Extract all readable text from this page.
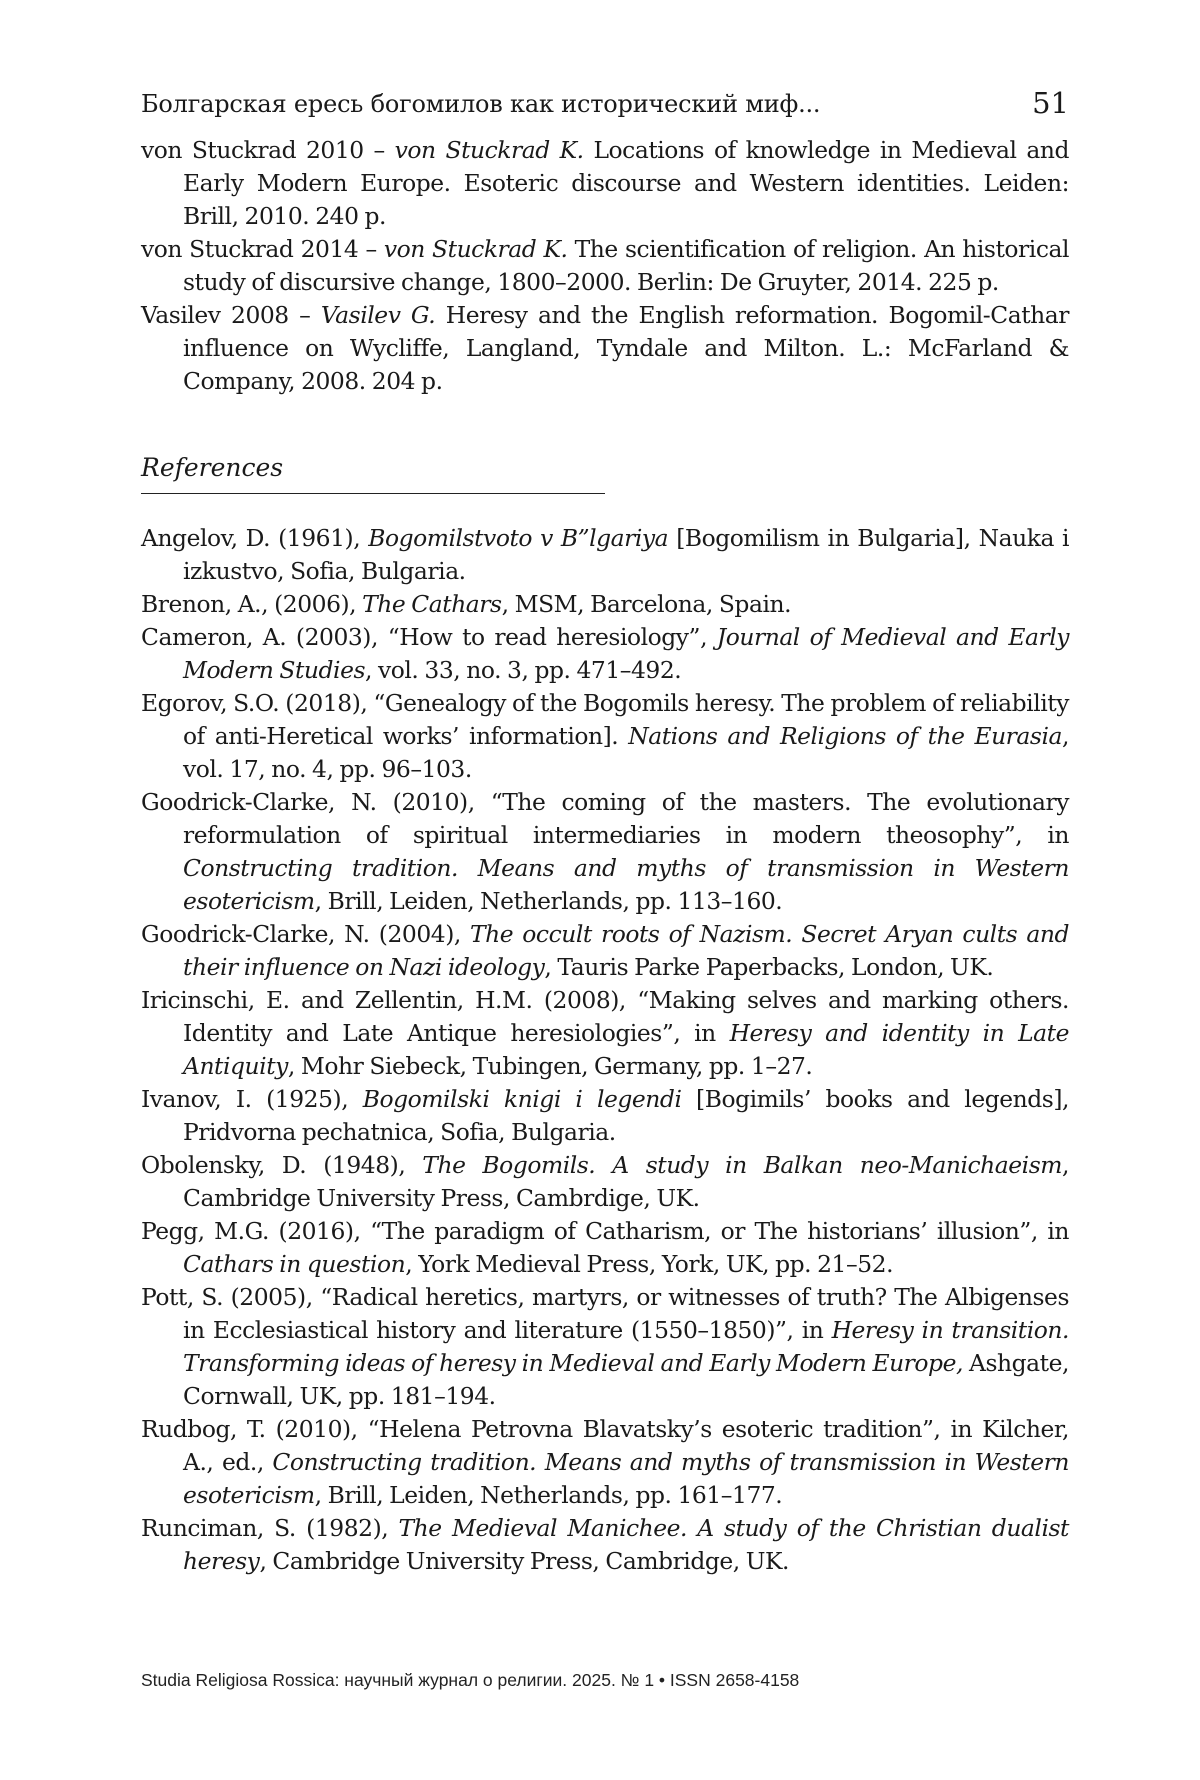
Болгарская ересь богомилов как исторический миф...	51

von Stuckrad 2010 – von Stuckrad K. Locations of knowledge in Medieval and Early Modern Europe. Esoteric discourse and Western identities. Leiden: Brill, 2010. 240 p.

von Stuckrad 2014 – von Stuckrad K. The scientification of religion. An historical study of discursive change, 1800–2000. Berlin: De Gruyter, 2014. 225 p.

Vasilev 2008 – Vasilev G. Heresy and the English reformation. Bogomil-Cathar influence on Wycliffe, Langland, Tyndale and Milton. L.: McFarland & Company, 2008. 204 p.

References

Angelov, D. (1961), Bogomilstvoto v B”lgariya [Bogomilism in Bulgaria], Nauka i izkustvo, Sofia, Bulgaria.

Brenon, A., (2006), The Cathars, MSM, Barcelona, Spain.

Cameron, A. (2003), “How to read heresiology”, Journal of Medieval and Early Modern Studies, vol. 33, no. 3, pp. 471–492.

Egorov, S.O. (2018), “Genealogy of the Bogomils heresy. The problem of reliability of anti-Heretical works’ information]. Nations and Religions of the Eurasia, vol. 17, no. 4, pp. 96–103.

Goodrick-Clarke, N. (2010), “The coming of the masters. The evolutionary reformulation of spiritual intermediaries in modern theosophy”, in Constructing tradition. Means and myths of transmission in Western esotericism, Brill, Leiden, Netherlands, pp. 113–160.

Goodrick-Clarke, N. (2004), The occult roots of Nazism. Secret Aryan cults and their influence on Nazi ideology, Tauris Parke Paperbacks, London, UK.

Iricinschi, E. and Zellentin, H.M. (2008), “Making selves and marking others. Identity and Late Antique heresiologies”, in Heresy and identity in Late Antiquity, Mohr Siebeck, Tubingen, Germany, pp. 1–27.

Ivanov, I. (1925), Bogomilski knigi i legendi [Bogimils’ books and legends], Pridvorna pechatnica, Sofia, Bulgaria.

Obolensky, D. (1948), The Bogomils. A study in Balkan neo-Manichaeism, Cambridge University Press, Cambrdige, UK.

Pegg, M.G. (2016), “The paradigm of Catharism, or The historians’ illusion”, in Cathars in question, York Medieval Press, York, UK, pp. 21–52.

Pott, S. (2005), “Radical heretics, martyrs, or witnesses of truth? The Albigenses in Ecclesiastical history and literature (1550–1850)”, in Heresy in transition. Transforming ideas of heresy in Medieval and Early Modern Europe, Ashgate, Cornwall, UK, pp. 181–194.

Rudbog, T. (2010), “Helena Petrovna Blavatsky’s esoteric tradition”, in Kilcher, A., ed., Constructing tradition. Means and myths of transmission in Western esotericism, Brill, Leiden, Netherlands, pp. 161–177.

Runciman, S. (1982), The Medieval Manichee. A study of the Christian dualist heresy, Cambridge University Press, Cambridge, UK.

Studia Religiosa Rossica: научный журнал о религии. 2025. № 1 • ISSN 2658-4158
